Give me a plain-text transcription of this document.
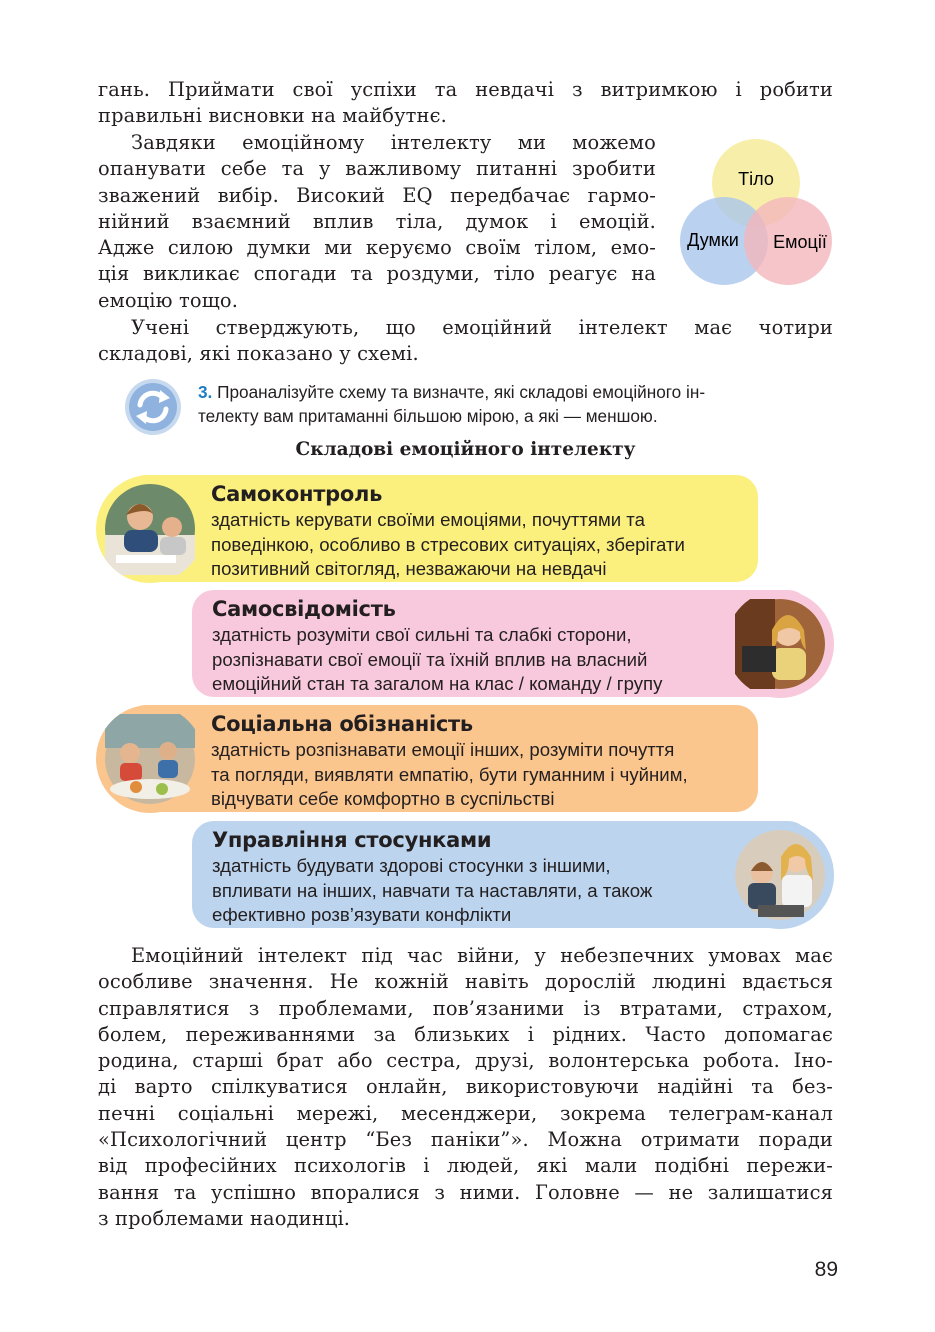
гань. Приймати свої успіхи та невдачі з витримкою і робити
правильні висновки на майбутнє.
Завдяки емоційному інтелекту ми можемо
опанувати себе та у важливому питанні зробити
зважений вибір. Високий EQ передбачає гармо-
нійний взаємний вплив тіла, думок і емоцій.
Адже силою думки ми керуємо своїм тілом, емо-
ція викликає спогади та роздуми, тіло реагує на
емоцію тощо.
Тіло
Думки Емоції
Учені стверджують, що емоційний інтелект має чотири
складові, які показано у схемі.
3. Проаналізуйте схему та визначте, які складові емоційного ін-
телекту вам притаманні більшою мірою, а які — меншою.
Складові емоційного інтелекту
Самоконтроль
здатність керувати своїми емоціями, почуттями та
поведінкою, особливо в стресових ситуаціях, зберігати
позитивний світогляд, незважаючи на невдачі
Самосвідомість
здатність розуміти свої сильні та слабкі сторони,
розпізнавати свої емоції та їхній вплив на власний
емоційний стан та загалом на клас / команду / групу
Соціальна обізнаність
здатність розпізнавати емоції інших, розуміти почуття
та погляди, виявляти емпатію, бути гуманним і чуйним,
відчувати себе комфортно в суспільстві
Управління стосунками
здатність будувати здорові стосунки з іншими,
впливати на інших, навчати та наставляти, а також
ефективно розв’язувати конфлікти
Емоційний інтелект під час війни, у небезпечних умовах має
особливе значення. Не кожній навіть дорослій людині вдається
справлятися з проблемами, пов’язаними із втратами, страхом,
болем, переживаннями за близьких і рідних. Часто допомагає
родина, старші брат або сестра, друзі, волонтерська робота. Іно-
ді варто спілкуватися онлайн, використовуючи надійні та без-
печні соціальні мережі, месенджери, зокрема телеграм-канал
«Психологічний центр “Без паніки”». Можна отримати поради
від професійних психологів і людей, які мали подібні пережи-
вання та успішно впоралися з ними. Головне — не залишатися
з проблемами наодинці.
89
